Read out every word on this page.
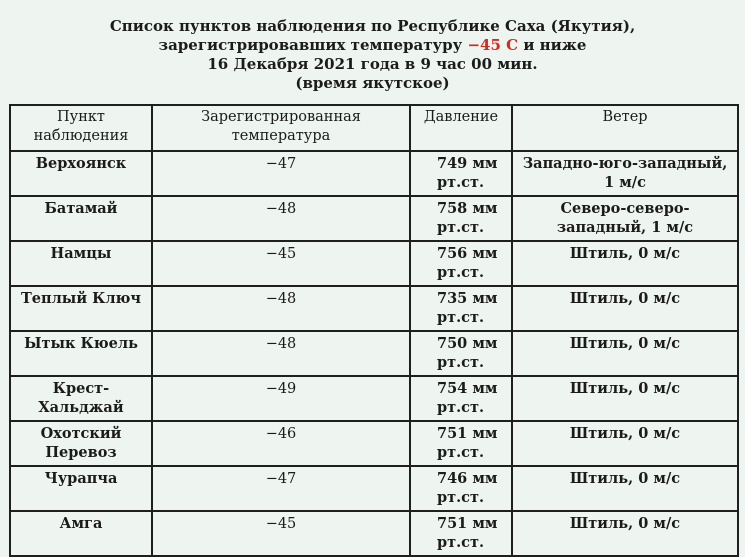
Список пунктов наблюдения по Республике Саха (Якутия),
зарегистрировавших температуру −45 С и ниже
16 Декабря 2021 года в 9 час 00 мин.
(время якутское)
Пункт наблюдения	Зарегистрированная температура	Давление	Ветер
Верхоянск	−47	749 мм рт.ст.	Западно-юго-западный, 1 м/с
Батамай	−48	758 мм рт.ст.	Северо-северо-западный, 1 м/с
Намцы	−45	756 мм рт.ст.	Штиль, 0 м/с
Теплый Ключ	−48	735 мм рт.ст.	Штиль, 0 м/с
Ытык Кюель	−48	750 мм рт.ст.	Штиль, 0 м/с
Крест-Хальджай	−49	754 мм рт.ст.	Штиль, 0 м/с
Охотский Перевоз	−46	751 мм рт.ст.	Штиль, 0 м/с
Чурапча	−47	746 мм рт.ст.	Штиль, 0 м/с
Амга	−45	751 мм рт.ст.	Штиль, 0 м/с
